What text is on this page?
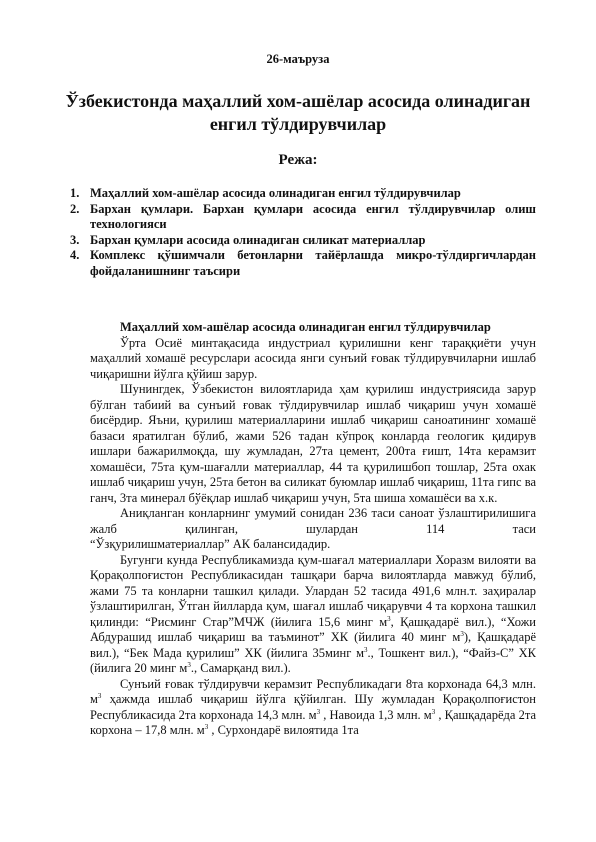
26-маъруза
Ўзбекистонда маҳаллий хом-ашёлар асосида олинадиган енгил тўлдирувчилар
Режа:
1. Маҳаллий хом-ашёлар асосида олинадиган енгил тўлдирувчилар
2. Бархан қумлари. Бархан қумлари асосида енгил тўлдирувчилар олиш технологияси
3. Бархан қумлари асосида олинадиган силикат материаллар
4. Комплекс қўшимчали бетонларни тайёрлашда микро-тўлдиргичлардан фойдаланишнинг таъсири

Маҳаллий хом-ашёлар асосида олинадиган енгил тўлдирувчилар

Ўрта Осиё минтақасида индустриал қурилишни кенг тараққиёти учун маҳаллий хомашё ресурслари асосида янги сунъий ғовак тўлдирувчиларни ишлаб чиқаришни йўлга қўйиш зарур.

Шунингдек, Ўзбекистон вилоятларида ҳам қурилиш индустриясида зарур бўлган табиий ва сунъий ғовак тўлдирувчилар ишлаб чиқариш учун хомашё бисёрдир. Яъни, қурилиш материалларини ишлаб чиқариш саноатининг хомашё базаси яратилган бўлиб, жами 526 тадан кўпроқ конларда геологик қидирув ишлари бажарилмоқда, шу жумладан, 27та цемент, 200та ғишт, 14та керамзит хомашёси, 75та қум-шағалли материаллар, 44 та қурилишбоп тошлар, 25та охак ишлаб чиқариш учун, 25та бетон ва силикат буюмлар ишлаб чиқариш, 11та гипс ва ганч, 3та минерал бўёқлар ишлаб чиқариш учун, 5та шиша хомашёси ва х.к.

Аниқланган конларнинг умумий сонидан 236 таси саноат ўзлаштирилишига жалб қилинган, шулардан 114 таси

“Ўзқурилишматериаллар” АК балансидадир.

Бугунги кунда Республикамизда қум-шағал материаллари Хоразм вилояти ва Қорақолпоғистон Республикасидан ташқари барча вилоятларда мавжуд бўлиб, жами 75 та конларни ташкил қилади. Улардан 52 тасида 491,6 млн.т. заҳиралар ўзлаштирилган, Ўтган йилларда қум, шағал ишлаб чиқарувчи 4 та корхона ташкил қилинди: “Рисминг Стар”МЧЖ (йилига 15,6 минг $м^3$, Қашқадарё вил.), “Хожи Абдурашид ишлаб чиқариш ва таъминот” ХК (йилига 40 минг $м^3$), Қашқадарё вил.), “Бек Мада қурилиш” ХК (йилига 35минг $м^3$., Тошкент вил.), “Файз-С” ХК (йилига 20 минг $м^3$., Самарқанд вил.).

Сунъий ғовак тўлдирувчи керамзит Республикадаги 8та корхонада 64,3 млн. $м^3$ ҳажмда ишлаб чиқариш йўлга қўйилган. Шу жумладан Қорақолпоғистон Республикасида 2та корхонада 14,3 млн. $м^3$ , Навоида 1,3 млн. $м^3$ , Қашқадарёда 2та корхона – 17,8 млн. $м^3$ , Сурхондарё вилоятида 1та
